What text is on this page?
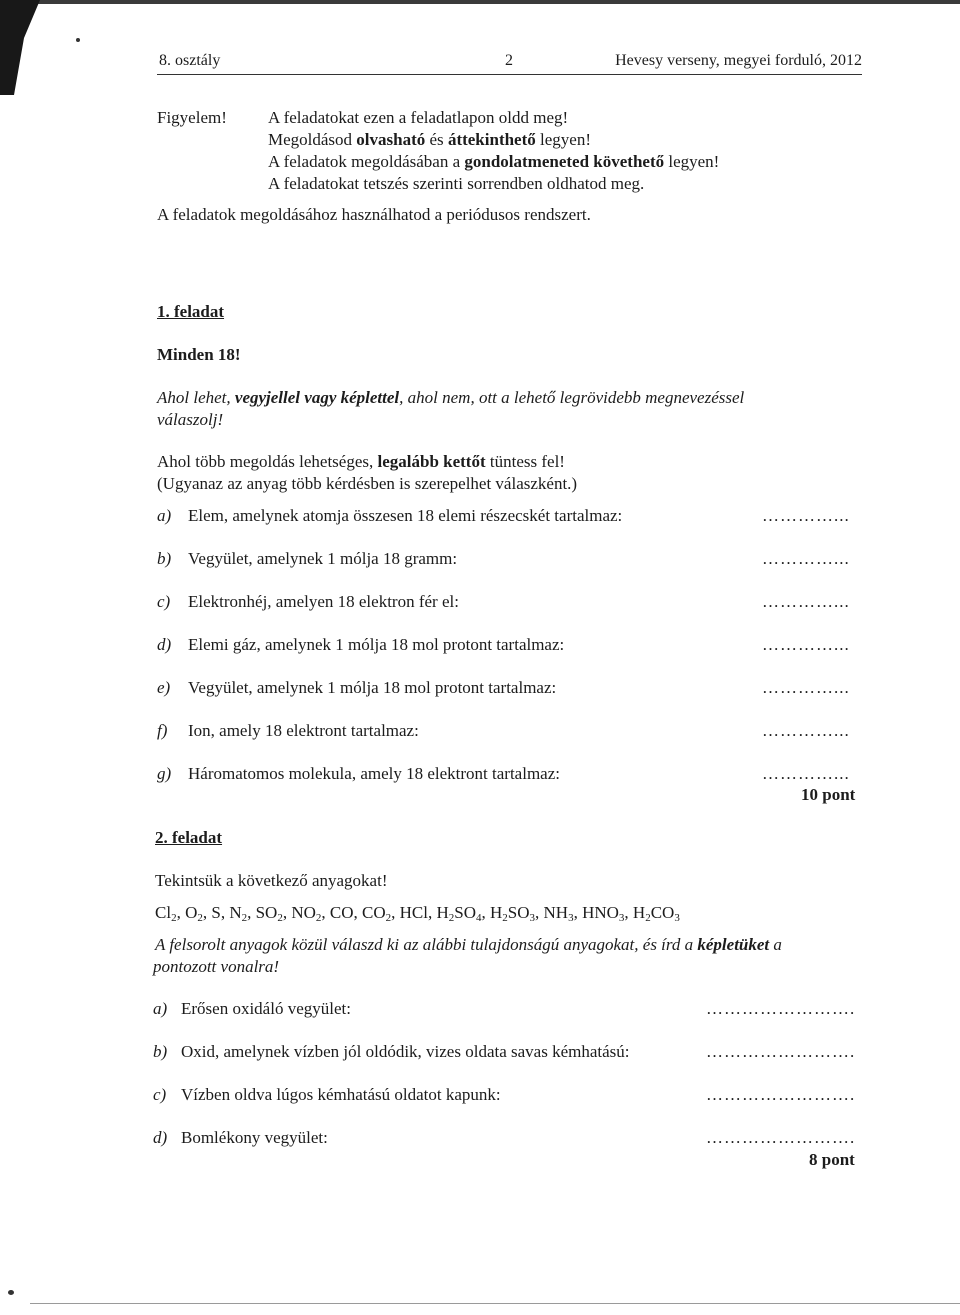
8. osztály	2	Hevesy verseny, megyei forduló, 2012
Figyelem! A feladatokat ezen a feladatlapon oldd meg!
Megoldásod olvasható és áttekinthető legyen!
A feladatok megoldásában a gondolatmeneted követhető legyen!
A feladatokat tetszés szerinti sorrendben oldhatod meg.
A feladatok megoldásához használhatod a periódusos rendszert.
1. feladat
Minden 18!
Ahol lehet, vegyjellel vagy képlettel, ahol nem, ott a lehető legrövidebb megnevezéssel
válaszolj!
Ahol több megoldás lehetséges, legalább kettőt tüntess fel!
(Ugyanaz az anyag több kérdésben is szerepelhet válaszként.)
a) Elem, amelynek atomja összesen 18 elemi részecskét tartalmaz:	…………...
b) Vegyület, amelynek 1 mólja 18 gramm:	…………...
c) Elektronhéj, amelyen 18 elektron fér el:	…………...
d) Elemi gáz, amelynek 1 mólja 18 mol protont tartalmaz:	…………...
e) Vegyület, amelynek 1 mólja 18 mol protont tartalmaz:	…………...
f) Ion, amely 18 elektront tartalmaz:	…………...
g) Háromatomos molekula, amely 18 elektront tartalmaz:	…………...
10 pont
2. feladat
Tekintsük a következő anyagokat!
$Cl_2$, $O_2$, S, $N_2$, $SO_2$, $NO_2$, CO, $CO_2$, HCl, $H_2SO_4$, $H_2SO_3$, $NH_3$, $HNO_3$, $H_2CO_3$
A felsorolt anyagok közül válaszd ki az alábbi tulajdonságú anyagokat, és írd a képletüket a
pontozott vonalra!
a) Erősen oxidáló vegyület:	…………………….
b) Oxid, amelynek vízben jól oldódik, vizes oldata savas kémhatású:	…………………….
c) Vízben oldva lúgos kémhatású oldatot kapunk:	…………………….
d) Bomlékony vegyület:	…………………….
8 pont
